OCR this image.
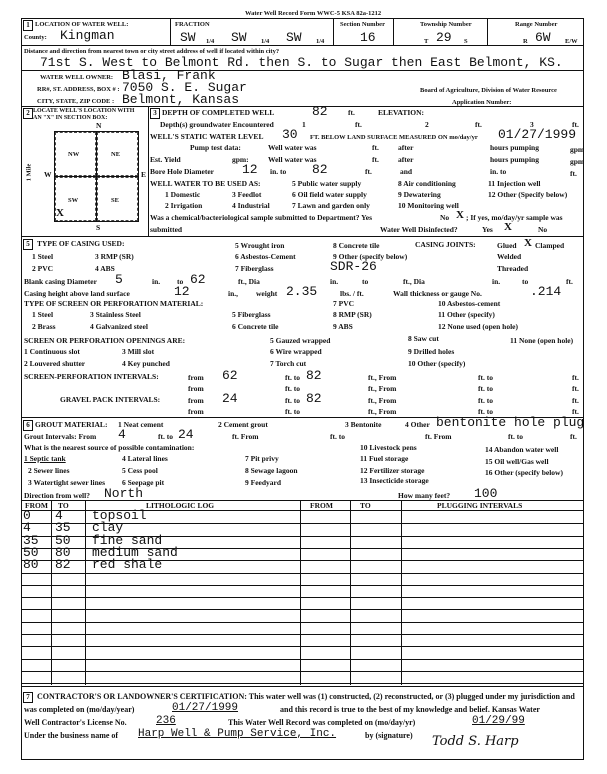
Water Well Record Form WWC-5 KSA 82a-1212
1 LOCATION OF WATER WELL:
County: Kingman
FRACTION
SW 1/4 SW 1/4 SW 1/4
Section Number
16
Township Number
T 29 S
Range Number
R 6W E/W
Distance and direction from nearest town or city street address of well if located within city?
71st S. West to Belmont Rd. then S. to Sugar then East Belmont, KS.
WATER WELL OWNER: Blasi, Frank
RR#, ST. ADDRESS, BOX # : 7050 S. E. Sugar	Board of Agriculture, Division of Water Resource
CITY, STATE, ZIP CODE : Belmont, Kansas	Application Number:
2 LOCATE WELL'S LOCATION WITH AN "X" IN SECTION BOX:
N
S
W	E
1 Mile
NW	NE
SW	SE
X
3 DEPTH OF COMPLETED WELL	82	ft.	ELEVATION:
Depth(s) groundwater Encountered	1	ft.	2	ft.	3	ft.
WELL'S STATIC WATER LEVEL 30 FT. BELOW LAND SURFACE MEASURED ON mo/day/yr 01/27/1999
Pump test data:	Well water was	ft.	after	hours pumping	gpm
Est. Yield	gpm:	Well water was	ft.	after	hours pumping	gpm
Bore Hole Diameter 12 in. to 82	ft.	and	in. to	ft.
WELL WATER TO BE USED AS:	5 Public water supply	8 Air conditioning	11 Injection well
1 Domestic	3 Feedlot	6 Oil field water supply	9 Dewatering	12 Other (Specify below)
2 Irrigation	4 Industrial	7 Lawn and garden only	10 Monitoring well
Was a chemical/bacteriological sample submitted to Department? Yes	No X ; If yes, mo/day/yr sample was
submitted	Water Well Disinfected?	Yes X	No
5 TYPE OF CASING USED:	5 Wrought iron	8 Concrete tile	CASING JOINTS:	Glued X Clamped
1 Steel	3 RMP (SR)	6 Asbestos-Cement	9 Other (specify below)	Welded
2 PVC	4 ABS	7 Fiberglass	SDR-26	Threaded
Blank casing Diameter 5	in. to 62	ft., Dia	in.	to	ft., Dia	in.	to	ft.
Casing height above land surface	12	in., weight 2.35	lbs. / ft.	Wall thickness or gauge No.	.214
TYPE OF SCREEN OR PERFORATION MATERIAL:	7 PVC	10 Asbestos-cement
1 Steel	3 Stainless Steel	5 Fiberglass	8 RMP (SR)	11 Other (specify)
2 Brass	4 Galvanized steel	6 Concrete tile	9 ABS	12 None used (open hole)
SCREEN OR PERFORATION OPENINGS ARE:	5 Gauzed wrapped	8 Saw cut	11 None (open hole)
1 Continuous slot	3 Mill slot	6 Wire wrapped	9 Drilled holes
2 Louvered shutter	4 Key punched	7 Torch cut	10 Other (specify)
SCREEN-PERFORATION INTERVALS:	from 62	ft. to 82	ft., From	ft. to	ft.
from	ft. to	ft., From	ft. to	ft.
GRAVEL PACK INTERVALS:	from 24	ft. to 82	ft., From	ft. to	ft.
from	ft. to	ft., From	ft. to	ft.
6 GROUT MATERIAL: 1 Neat cement	2 Cement grout	3 Bentonite	4 Other bentonite hole plug
Grout Intervals: From 4	ft. to 24	ft. From	ft. to	ft. From	ft. to	ft.
What is the nearest source of possible contamination:	10 Livestock pens	14 Abandon water well
1 Septic tank	4 Lateral lines	7 Pit privy	11 Fuel storage	15 Oil well/Gas well
2 Sewer lines	5 Cess pool	8 Sewage lagoon	12 Fertilizer storage	16 Other (specify below)
3 Watertight sewer lines 6 Seepage pit	9 Feedyard	13 Insecticide storage
Direction from well? North	How many feet? 100
FROM TO	LITHOLOGIC LOG	FROM	TO	PLUGGING INTERVALS
0 4 topsoil
4 35 clay
35 50 fine sand
50 80 medium sand
80 82 red shale
7 CONTRACTOR'S OR LANDOWNER'S CERTIFICATION: This water well was (1) constructed, (2) reconstructed, or (3) plugged under my jurisdiction and
was completed on (mo/day/year)	01/27/1999	and this record is true to the best of my knowledge and belief. Kansas Water
Well Contractor's License No.	236	This Water Well Record was completed on (mo/day/yr)	01/29/99
Under the business name of Harp Well & Pump Service, Inc.	by (signature) Todd S. Harp
